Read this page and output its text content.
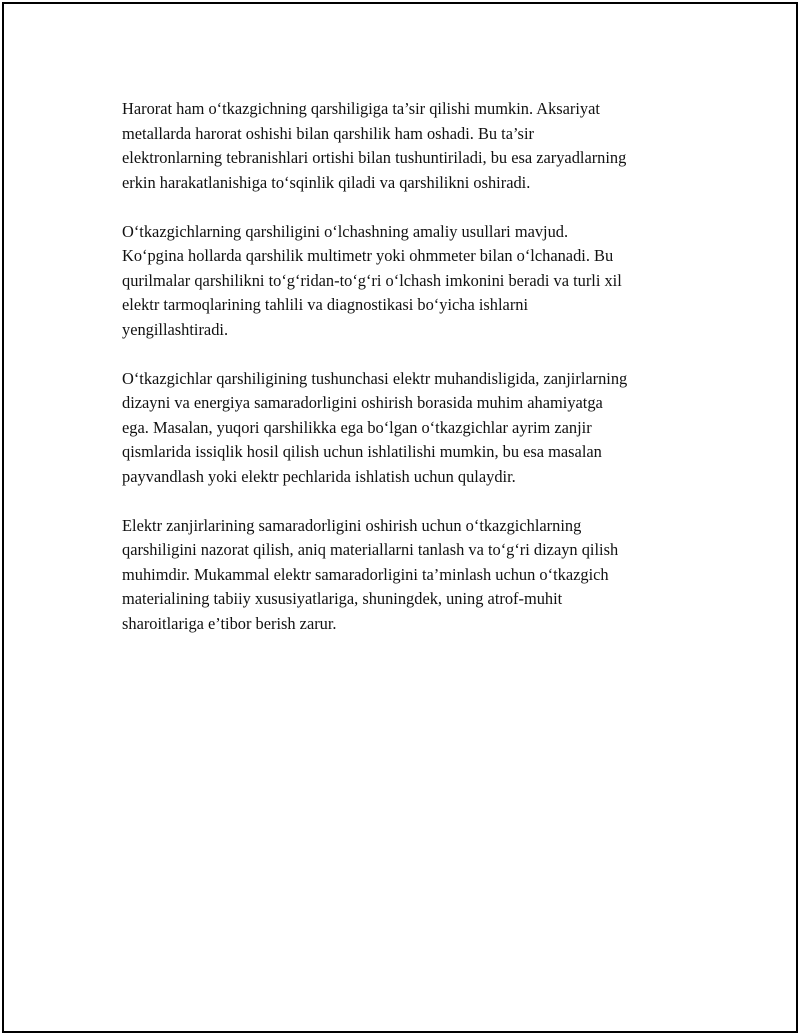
Harorat ham o‘tkazgichning qarshiligiga ta’sir qilishi mumkin. Aksariyat
metallarda harorat oshishi bilan qarshilik ham oshadi. Bu ta’sir
elektronlarning tebranishlari ortishi bilan tushuntiriladi, bu esa zaryadlarning
erkin harakatlanishiga to‘sqinlik qiladi va qarshilikni oshiradi.

O‘tkazgichlarning qarshiligini o‘lchashning amaliy usullari mavjud.
Ko‘pgina hollarda qarshilik multimetr yoki ohmmeter bilan o‘lchanadi. Bu
qurilmalar qarshilikni to‘g‘ridan-to‘g‘ri o‘lchash imkonini beradi va turli xil
elektr tarmoqlarining tahlili va diagnostikasi bo‘yicha ishlarni
yengillashtiradi.

O‘tkazgichlar qarshiligining tushunchasi elektr muhandisligida, zanjirlarning
dizayni va energiya samaradorligini oshirish borasida muhim ahamiyatga
ega. Masalan, yuqori qarshilikka ega bo‘lgan o‘tkazgichlar ayrim zanjir
qismlarida issiqlik hosil qilish uchun ishlatilishi mumkin, bu esa masalan
payvandlash yoki elektr pechlarida ishlatish uchun qulaydir.

Elektr zanjirlarining samaradorligini oshirish uchun o‘tkazgichlarning
qarshiligini nazorat qilish, aniq materiallarni tanlash va to‘g‘ri dizayn qilish
muhimdir. Mukammal elektr samaradorligini ta’minlash uchun o‘tkazgich
materialining tabiiy xususiyatlariga, shuningdek, uning atrof-muhit
sharoitlariga e’tibor berish zarur.
